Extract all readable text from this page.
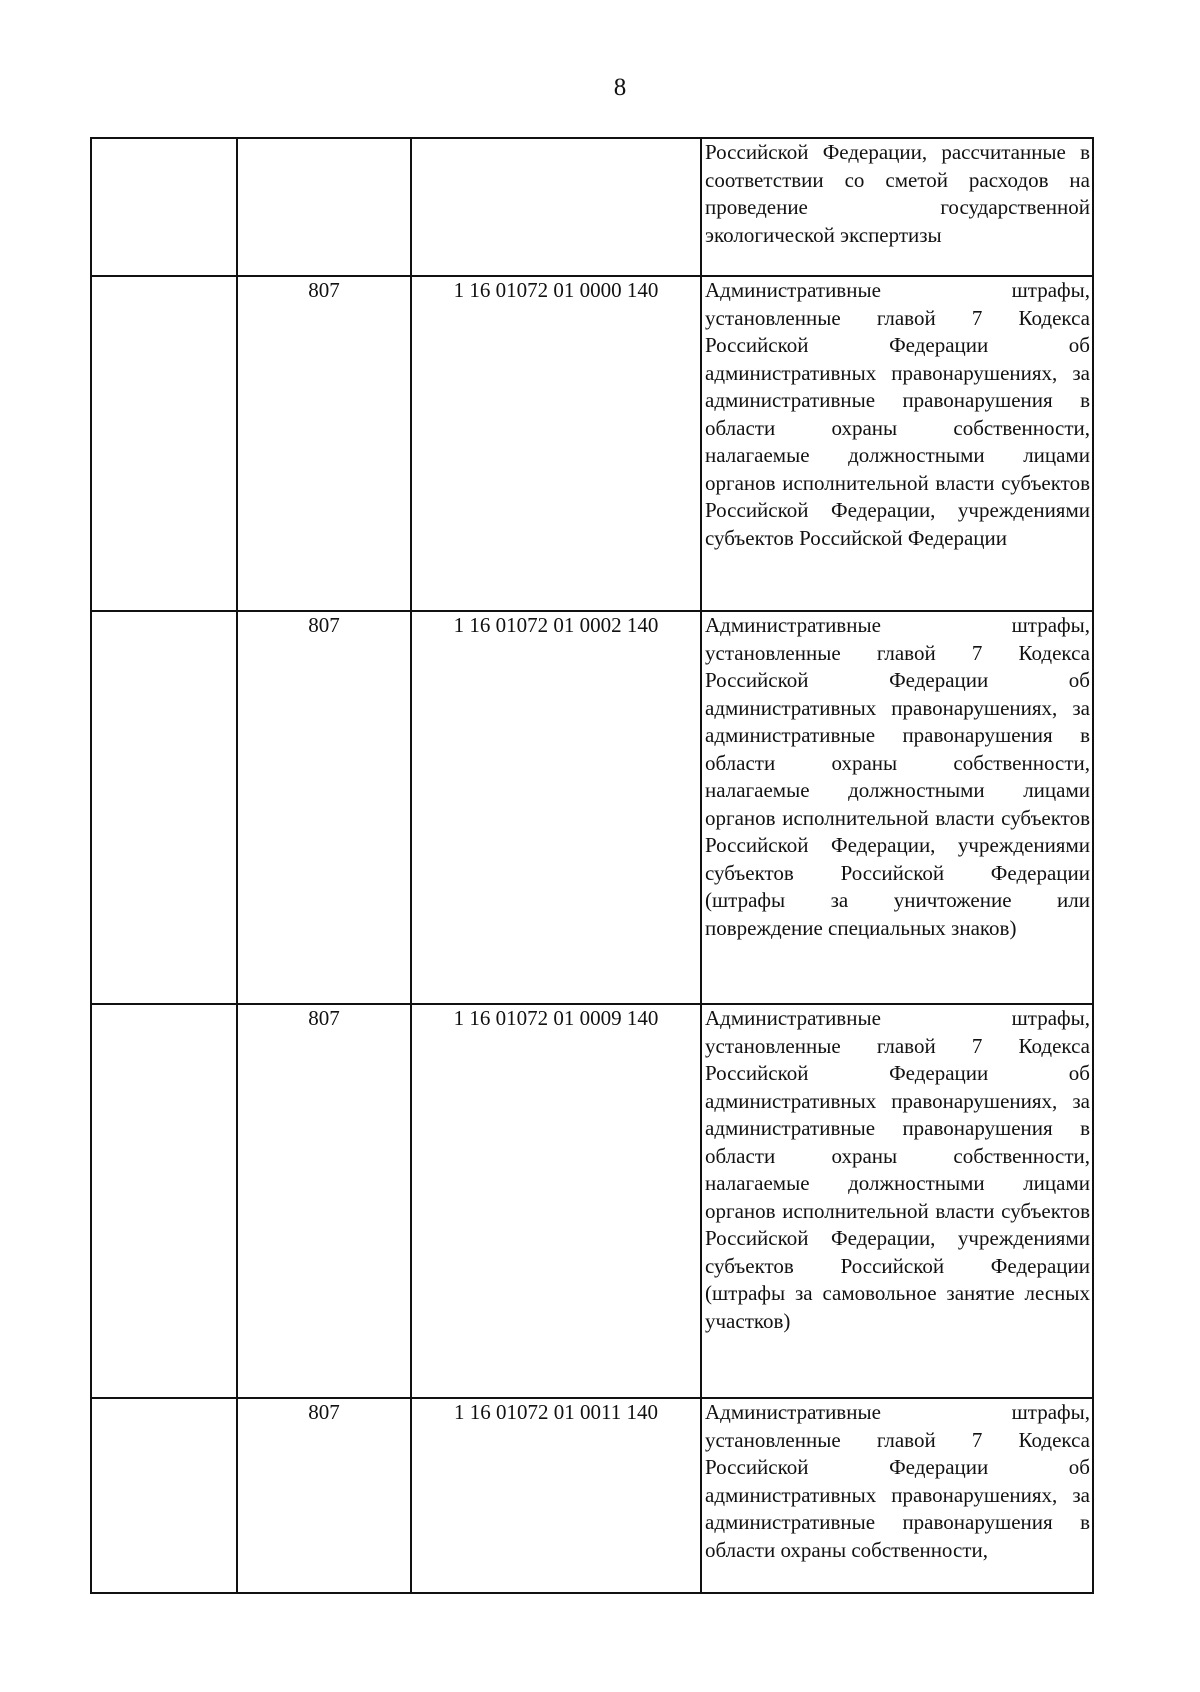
8

			Российской Федерации, рассчитанные в соответствии со сметой расходов на проведение государственной экологической экспертизы

	807	1 16 01072 01 0000 140	Административные штрафы, установленные главой 7 Кодекса Российской Федерации об административных правонарушениях, за административные правонарушения в области охраны собственности, налагаемые должностными лицами органов исполнительной власти субъектов Российской Федерации, учреждениями субъектов Российской Федерации

	807	1 16 01072 01 0002 140	Административные штрафы, установленные главой 7 Кодекса Российской Федерации об административных правонарушениях, за административные правонарушения в области охраны собственности, налагаемые должностными лицами органов исполнительной власти субъектов Российской Федерации, учреждениями субъектов Российской Федерации (штрафы за уничтожение или повреждение специальных знаков)

	807	1 16 01072 01 0009 140	Административные штрафы, установленные главой 7 Кодекса Российской Федерации об административных правонарушениях, за административные правонарушения в области охраны собственности, налагаемые должностными лицами органов исполнительной власти субъектов Российской Федерации, учреждениями субъектов Российской Федерации (штрафы за самовольное занятие лесных участков)

	807	1 16 01072 01 0011 140	Административные штрафы, установленные главой 7 Кодекса Российской Федерации об административных правонарушениях, за административные правонарушения в области охраны собственности,
